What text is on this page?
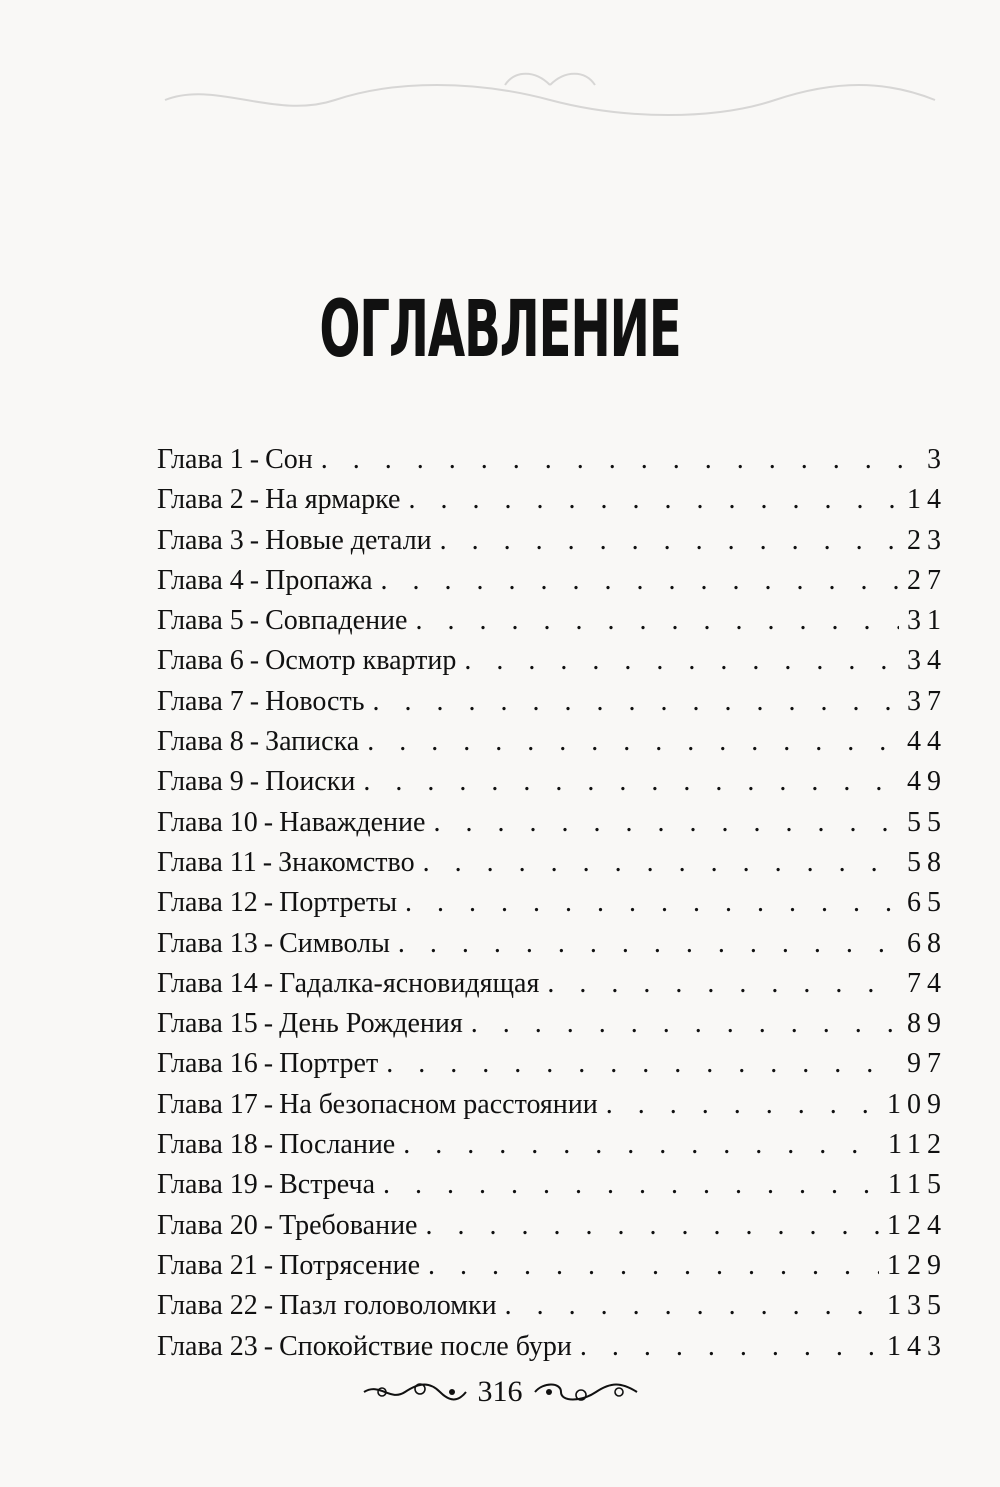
ОГЛАВЛЕНИЕ
Глава 1 - Сон . . .	3
Глава 2 - На ярмарке . . .	14
Глава 3 - Новые детали . . .	23
Глава 4 - Пропажа . . .	27
Глава 5 - Совпадение . . .	31
Глава 6 - Осмотр квартир . . .	34
Глава 7 - Новость . . .	37
Глава 8 - Записка . . .	44
Глава 9 - Поиски . . .	49
Глава 10 - Наваждение . . .	55
Глава 11 - Знакомство . . .	58
Глава 12 - Портреты . . .	65
Глава 13 - Символы . . .	68
Глава 14 - Гадалка-ясновидящая . . .	74
Глава 15 - День Рождения . . .	89
Глава 16 - Портрет . . .	97
Глава 17 - На безопасном расстоянии . . .	109
Глава 18 - Послание . . .	112
Глава 19 - Встреча . . .	115
Глава 20 - Требование . . .	124
Глава 21 - Потрясение . . .	129
Глава 22 - Пазл головоломки . . .	135
Глава 23 - Спокойствие после бури . . .	143
316
